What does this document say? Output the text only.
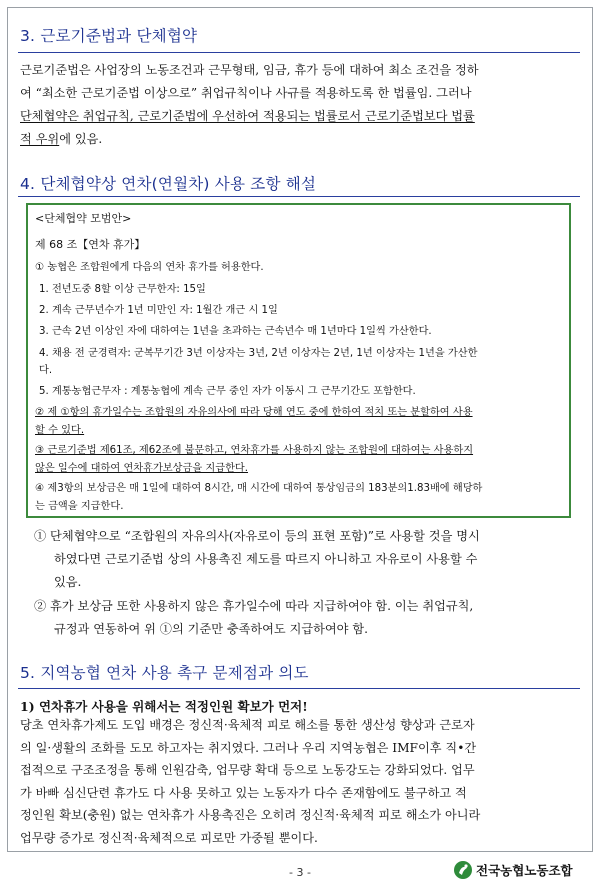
3. 근로기준법과 단체협약
근로기준법은 사업장의 노동조건과 근무형태, 임금, 휴가 등에 대하여 최소 조건을 정하
여 “최소한 근로기준법 이상으로” 취업규칙이나 사규를 적용하도록 한 법률임. 그러나
단체협약은 취업규칙, 근로기준법에 우선하여 적용되는 법률로서 근로기준법보다 법률
적 우위에 있음.
4. 단체협약상 연차(연월차) 사용 조항 해설
<단체협약 모범안>
제 68 조【연차 휴가】
① 농협은 조합원에게 다음의 연차 휴가를 허용한다.
1. 전년도중 8할 이상 근무한자: 15일
2. 계속 근무년수가 1년 미만인 자: 1월간 개근 시 1일
3. 근속 2년 이상인 자에 대하여는 1년을 초과하는 근속년수 매 1년마다 1일씩 가산한다.
4. 채용 전 군경력자: 군복무기간 3년 이상자는 3년, 2년 이상자는 2년, 1년 이상자는 1년을 가산한
다.
5. 계통농협근무자 : 계통농협에 계속 근무 중인 자가 이동시 그 근무기간도 포함한다.
② 제 ①항의 휴가일수는 조합원의 자유의사에 따라 당해 연도 중에 한하여 적치 또는 분할하여 사용
할 수 있다.
③ 근로기준법 제61조, 제62조에 불문하고, 연차휴가를 사용하지 않는 조합원에 대하여는 사용하지
않은 일수에 대하여 연차휴가보상금을 지급한다.
④ 제3항의 보상금은 매 1일에 대하여 8시간, 매 시간에 대하여 통상임금의 183분의1.83배에 해당하
는 금액을 지급한다.
① 단체협약으로 “조합원의 자유의사(자유로이 등의 표현 포함)”로 사용할 것을 명시
하였다면 근로기준법 상의 사용촉진 제도를 따르지 아니하고 자유로이 사용할 수
있음.
② 휴가 보상금 또한 사용하지 않은 휴가일수에 따라 지급하여야 함. 이는 취업규칙,
규정과 연동하여 위 ①의 기준만 충족하여도 지급하여야 함.
5. 지역농협 연차 사용 촉구 문제점과 의도
1) 연차휴가 사용을 위해서는 적정인원 확보가 먼저!
당초 연차휴가제도 도입 배경은 정신적·육체적 피로 해소를 통한 생산성 향상과 근로자
의 일·생활의 조화를 도모 하고자는 취지였다. 그러나 우리 지역농협은 IMF이후 직•간
접적으로 구조조정을 통해 인원감축, 업무량 확대 등으로 노동강도는 강화되었다. 업무
가 바빠 심신단련 휴가도 다 사용 못하고 있는 노동자가 다수 존재함에도 불구하고 적
정인원 확보(충원) 없는 연차휴가 사용촉진은 오히려 정신적·육체적 피로 해소가 아니라
업무량 증가로 정신적·육체적으로 피로만 가중될 뿐이다.
- 3 -	전국농협노동조합
